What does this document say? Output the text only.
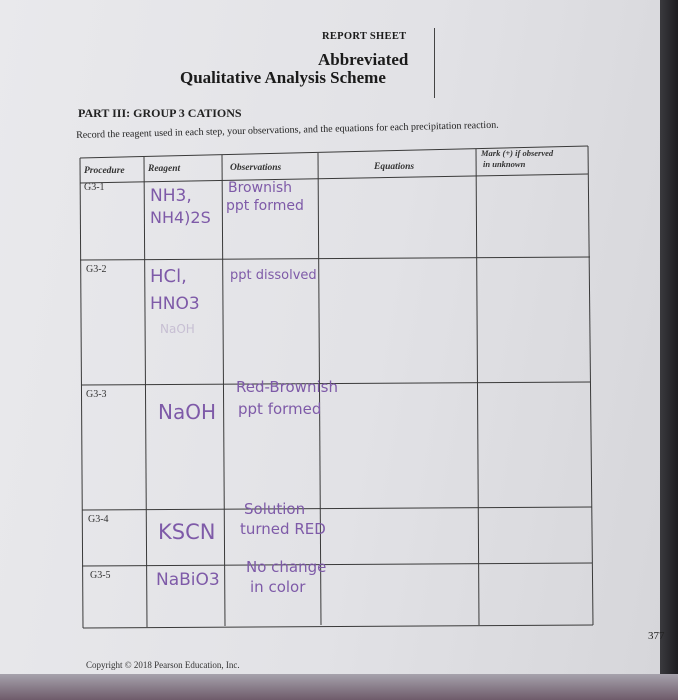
REPORT SHEET
Abbreviated
Qualitative Analysis Scheme
PART III: GROUP 3 CATIONS
Record the reagent used in each step, your observations, and the equations for each precipitation reaction.
Procedure Reagent	Observations	Equations
Mark (+) if observed
in unknown
G3-1
G3-2
G3-3
G3-4
G3-5
NH3,
NH4)2S
Brownish
ppt formed
HCl,
HNO3
NaOH
ppt dissolved
NaOH
Red-Brownish
ppt formed
KSCN
Solution
turned RED
NaBiO3
No change
in color
377
Copyright © 2018 Pearson Education, Inc.
